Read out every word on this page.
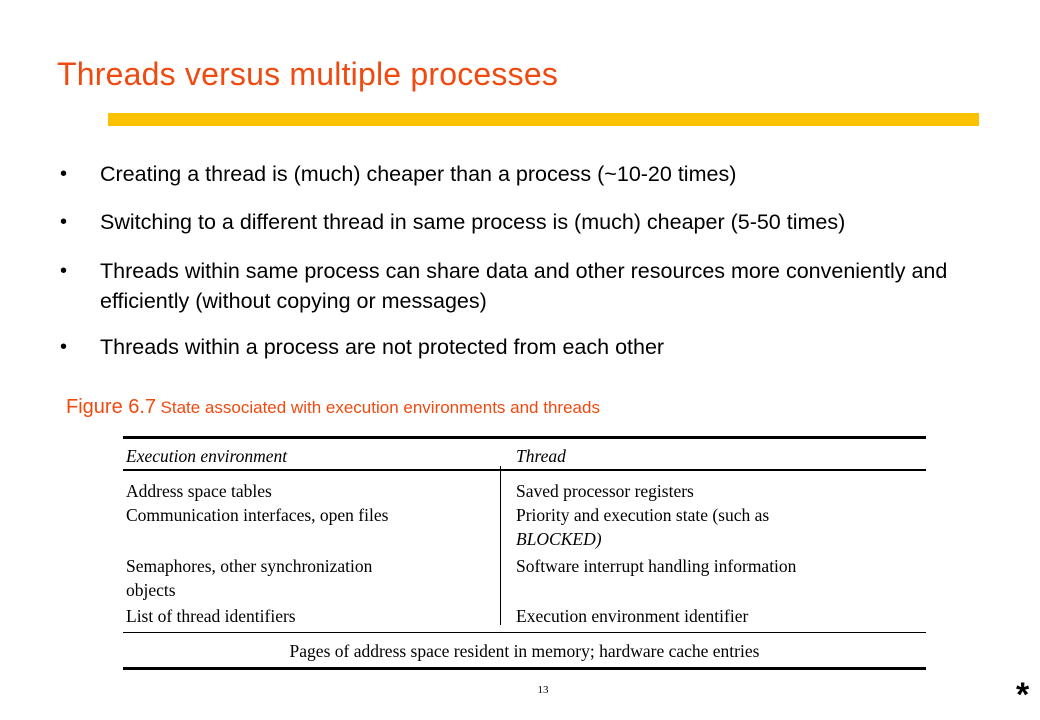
Threads versus multiple processes
•	Creating a thread is (much) cheaper than a process (~10-20 times)
•	Switching to a different thread in same process is (much) cheaper (5-50 times)
•	Threads within same process can share data and other resources more conveniently and efficiently (without copying or messages)
•	Threads within a process are not protected from each other
Figure 6.7 State associated with execution environments and threads
Execution environment	Thread
Address space tables	Saved processor registers
Communication interfaces, open files	Priority and execution state (such as
BLOCKED)
Semaphores, other synchronization	Software interrupt handling information
objects
List of thread identifiers	Execution environment identifier
Pages of address space resident in memory; hardware cache entries
13	*
